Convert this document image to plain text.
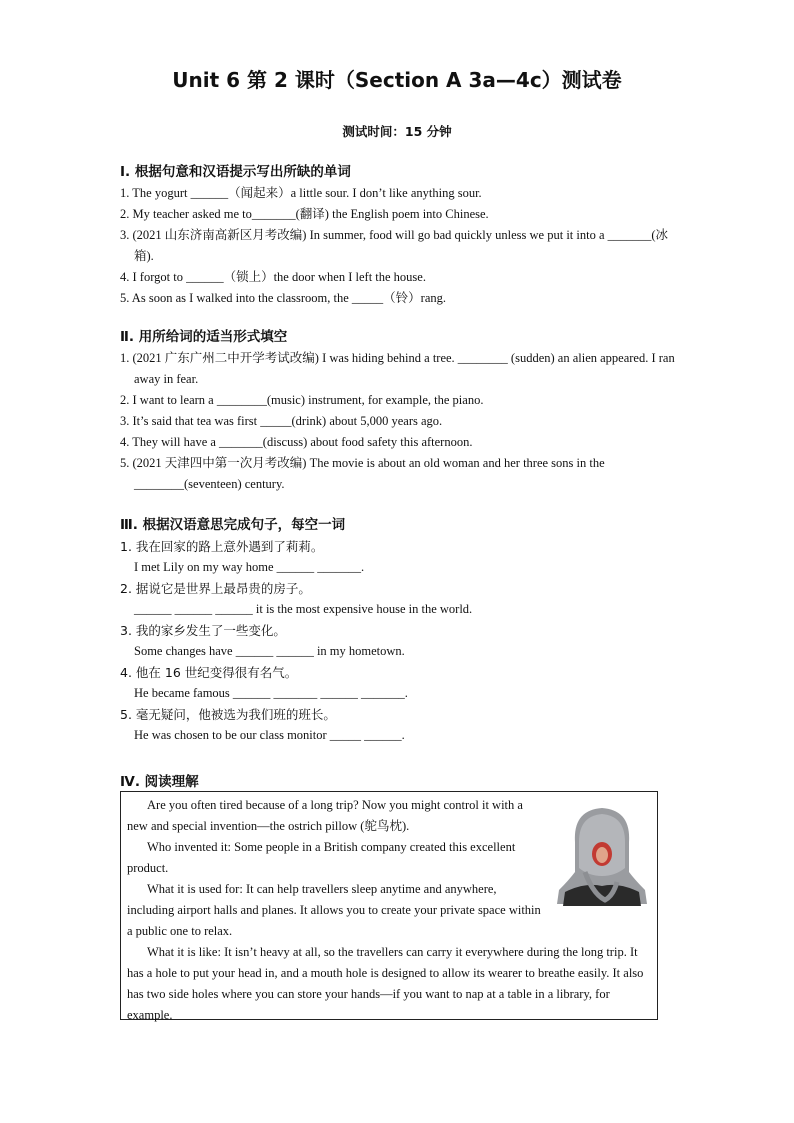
Unit 6 第 2 课时（Section A 3a—4c）测试卷
测试时间：15 分钟
Ⅰ. 根据句意和汉语提示写出所缺的单词
1. The yogurt ______（闻起来）a little sour. I don’t like anything sour.
2. My teacher asked me to_______(翻译) the English poem into Chinese.
3. (2021 山东济南高新区月考改编) In summer, food will go bad quickly unless we put it into a _______(冰箱).
4. I forgot to ______（锁上）the door when I left the house.
5. As soon as I walked into the classroom, the _____（铃）rang.
Ⅱ. 用所给词的适当形式填空
1. (2021 广东广州二中开学考试改编) I was hiding behind a tree. ________ (sudden) an alien appeared. I ran away in fear.
2. I want to learn a ________(music) instrument, for example, the piano.
3. It’s said that tea was first _____(drink) about 5,000 years ago.
4. They will have a _______(discuss) about food safety this afternoon.
5. (2021 天津四中第一次月考改编) The movie is about an old woman and her three sons in the ________(seventeen) century.
Ⅲ. 根据汉语意思完成句子，每空一词
1. 我在回家的路上意外遇到了莉莉。
I met Lily on my way home ______ _______.
2. 据说它是世界上最昂贵的房子。
______ ______ ______ it is the most expensive house in the world.
3. 我的家乡发生了一些变化。
Some changes have ______ ______ in my hometown.
4. 他在 16 世纪变得很有名气。
He became famous ______ _______ ______ _______.
5. 毫无疑问，他被选为我们班的班长。
He was chosen to be our class monitor _____ ______.
Ⅳ. 阅读理解
Are you often tired because of a long trip? Now you might control it with a new and special invention—the ostrich pillow (鸵鸟枕).
Who invented it: Some people in a British company created this excellent product.
What it is used for: It can help travellers sleep anytime and anywhere, including airport halls and planes. It allows you to create your private space within a public one to relax.
What it is like: It isn’t heavy at all, so the travellers can carry it everywhere during the long trip. It has a hole to put your head in, and a mouth hole is designed to allow its wearer to breathe easily. It also has two side holes where you can store your hands—if you want to nap at a table in a library, for example.
